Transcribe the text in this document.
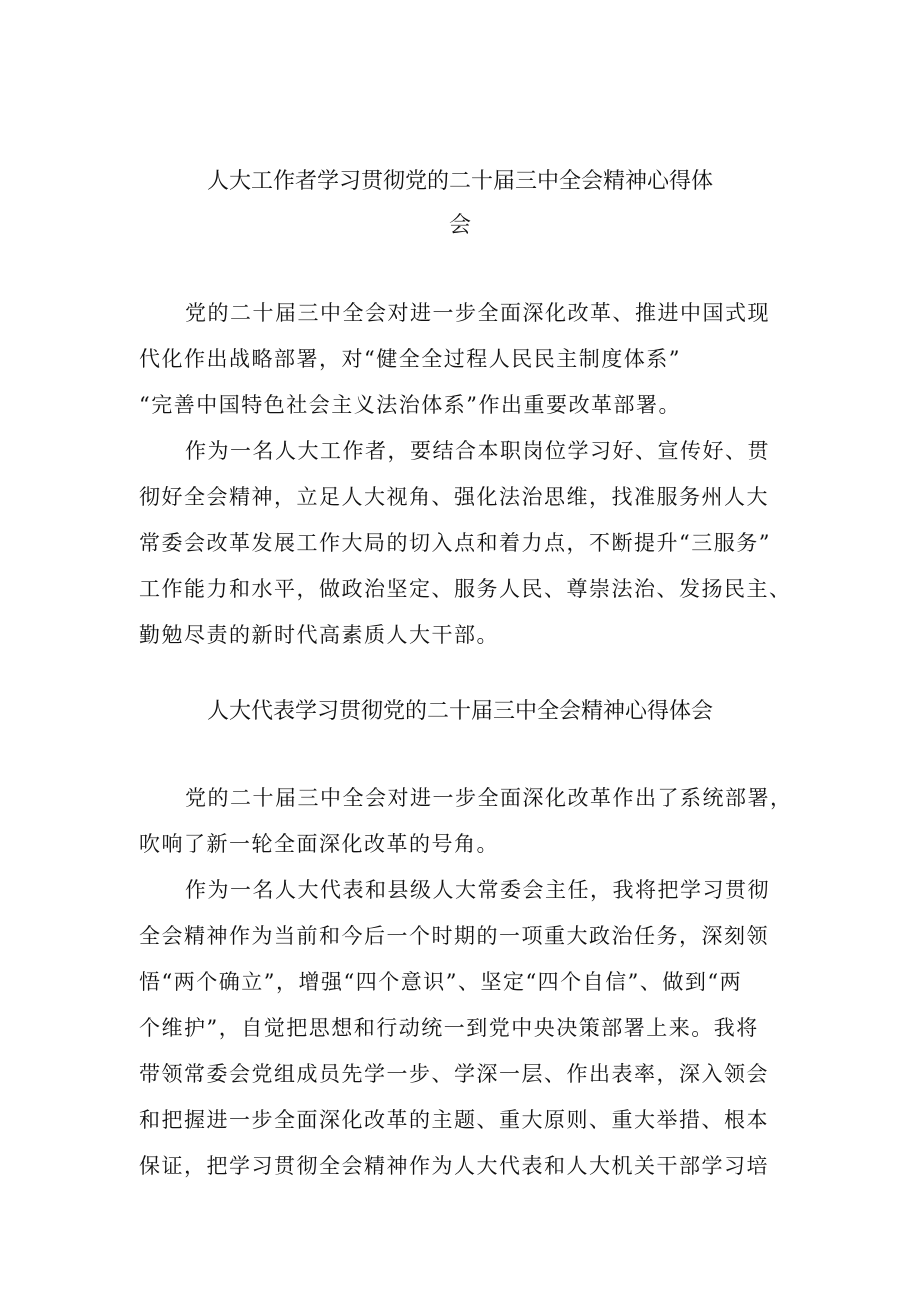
人大工作者学习贯彻党的二十届三中全会精神心得体
会

党的二十届三中全会对进一步全面深化改革、推进中国式现
代化作出战略部署，对“健全全过程人民民主制度体系”
“完善中国特色社会主义法治体系”作出重要改革部署。

作为一名人大工作者，要结合本职岗位学习好、宣传好、贯
彻好全会精神，立足人大视角、强化法治思维，找准服务州人大
常委会改革发展工作大局的切入点和着力点，不断提升“三服务”
工作能力和水平，做政治坚定、服务人民、尊崇法治、发扬民主、
勤勉尽责的新时代高素质人大干部。

人大代表学习贯彻党的二十届三中全会精神心得体会

党的二十届三中全会对进一步全面深化改革作出了系统部署，
吹响了新一轮全面深化改革的号角。

作为一名人大代表和县级人大常委会主任，我将把学习贯彻
全会精神作为当前和今后一个时期的一项重大政治任务，深刻领
悟“两个确立”，增强“四个意识”、坚定“四个自信”、做到“两
个维护”，自觉把思想和行动统一到党中央决策部署上来。我将
带领常委会党组成员先学一步、学深一层、作出表率，深入领会
和把握进一步全面深化改革的主题、重大原则、重大举措、根本
保证，把学习贯彻全会精神作为人大代表和人大机关干部学习培
